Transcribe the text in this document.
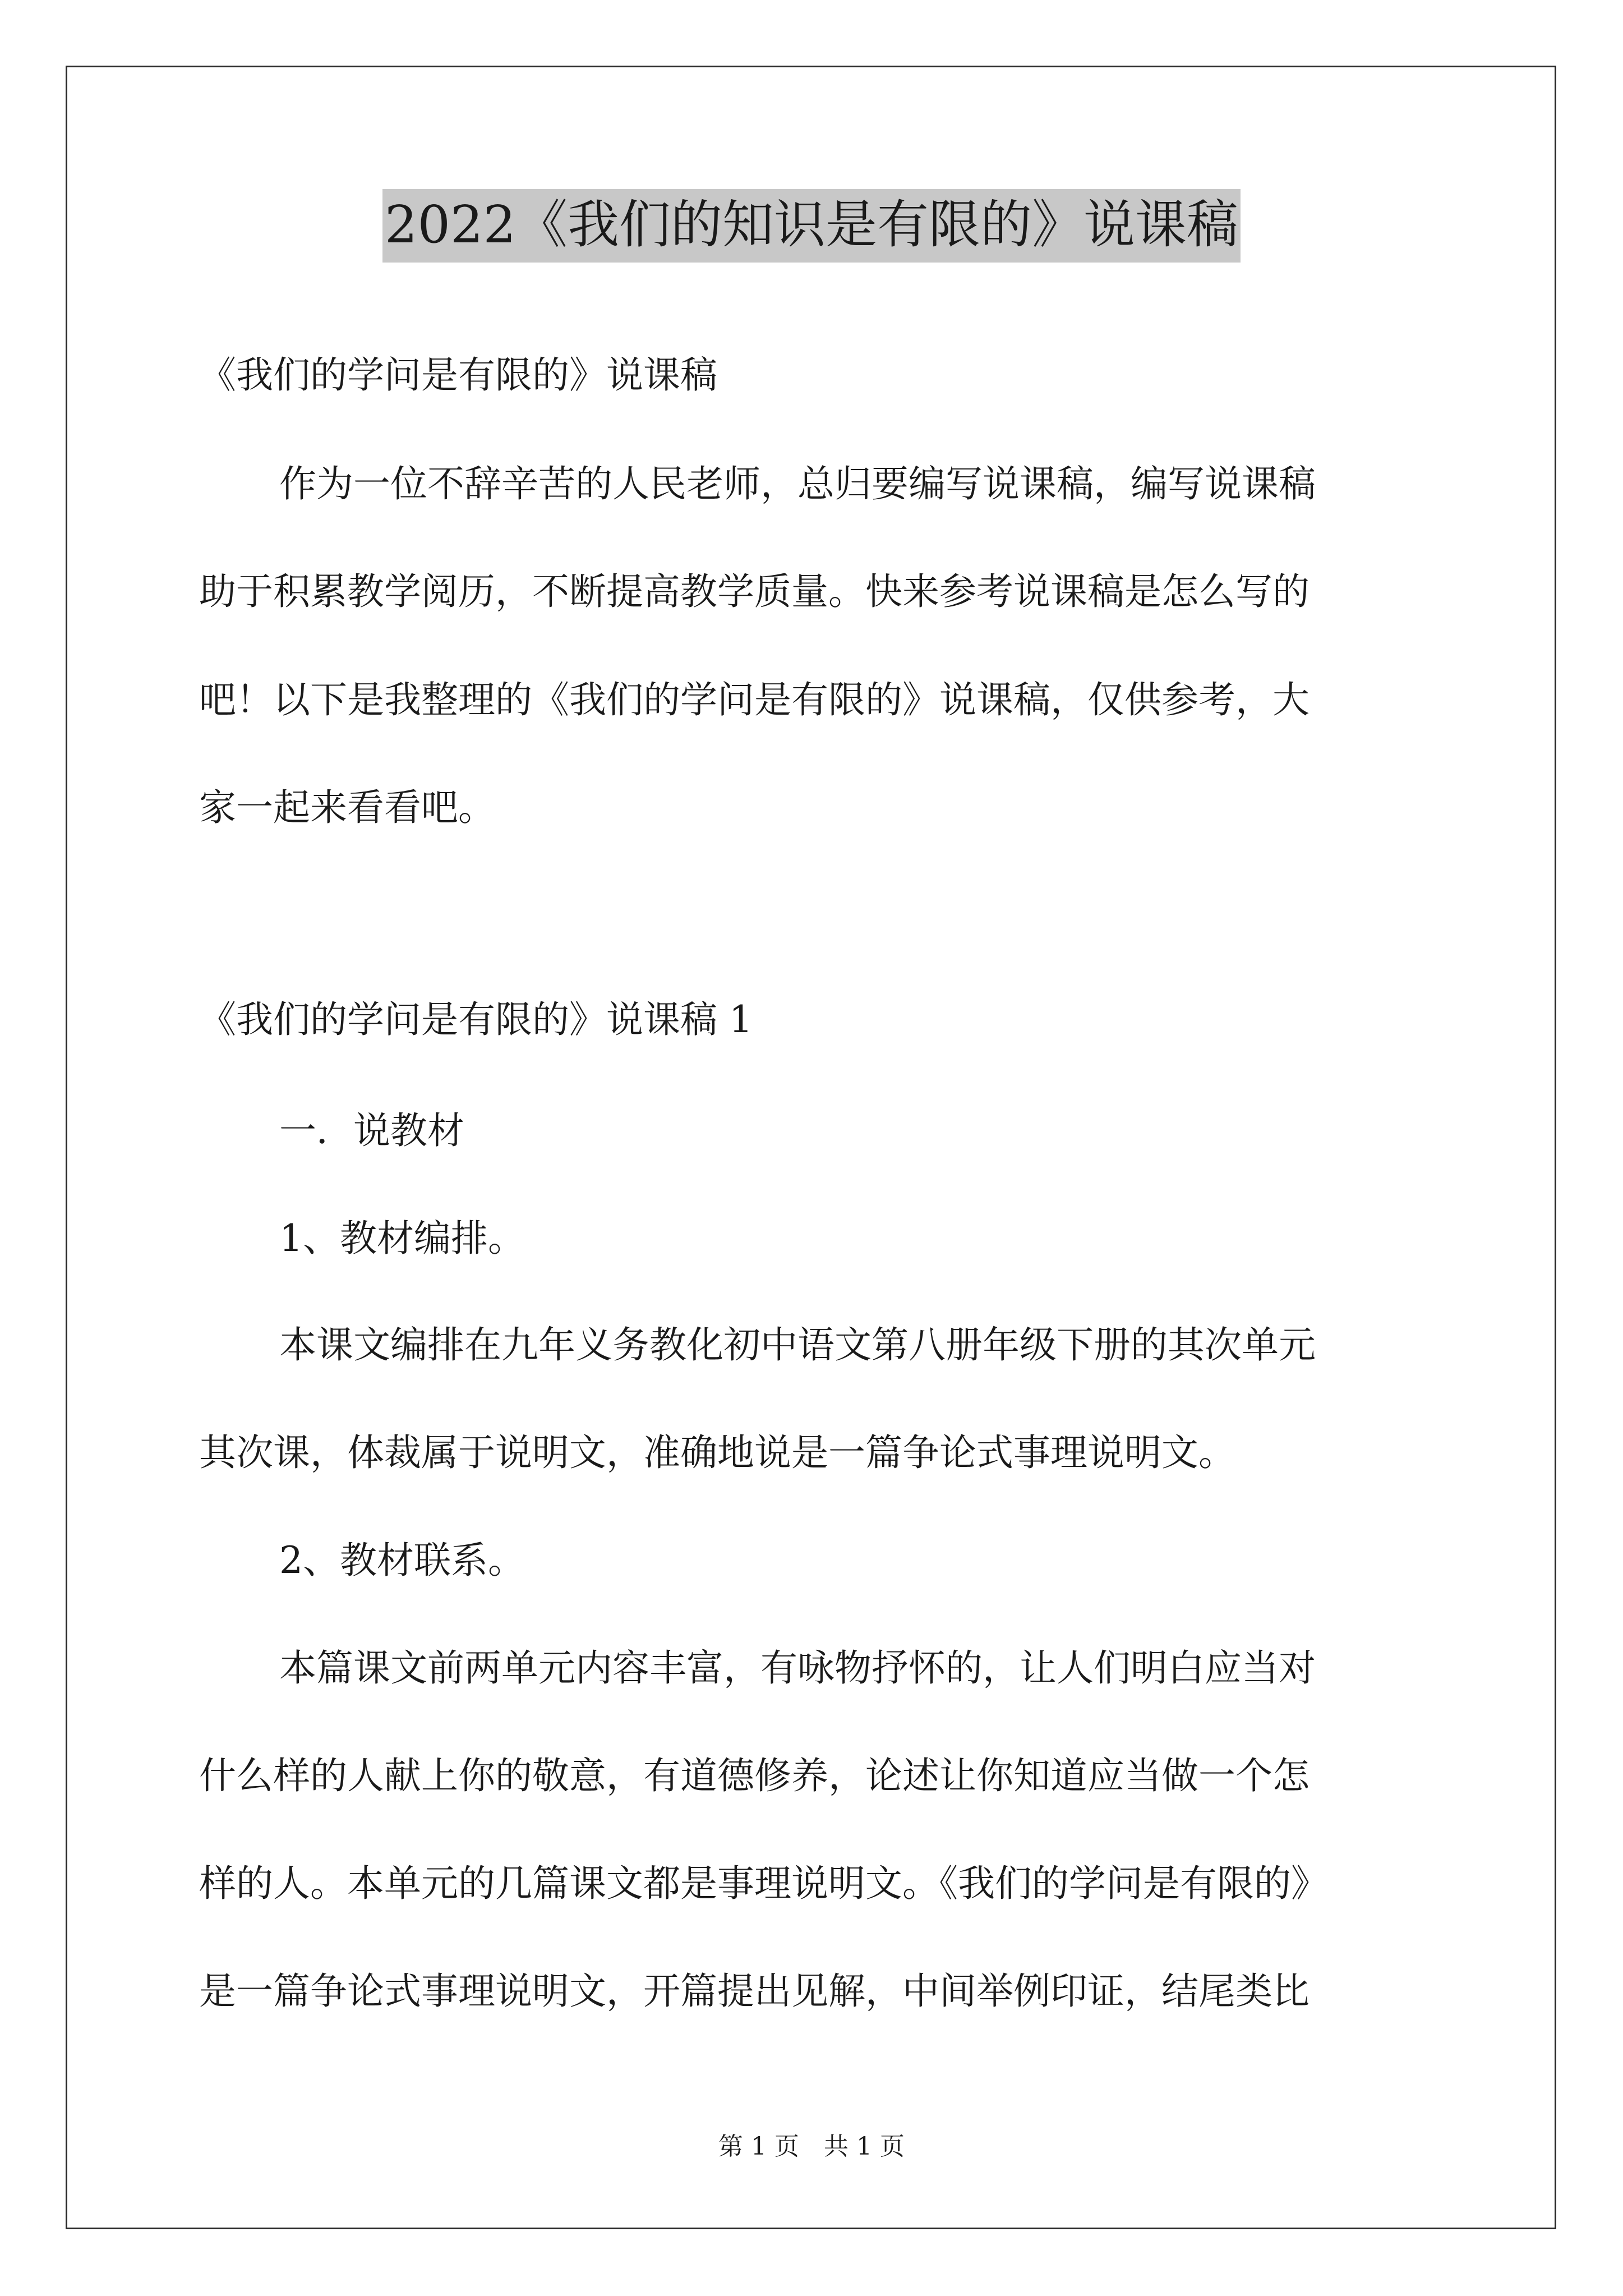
2022《我们的知识是有限的》说课稿

《我们的学问是有限的》说课稿

作为一位不辞辛苦的人民老师，总归要编写说课稿，编写说课稿

助于积累教学阅历，不断提高教学质量。快来参考说课稿是怎么写的

吧！以下是我整理的《我们的学问是有限的》说课稿，仅供参考，大

家一起来看看吧。

《我们的学问是有限的》说课稿 1

一．说教材

1、教材编排。

本课文编排在九年义务教化初中语文第八册年级下册的其次单元

其次课，体裁属于说明文，准确地说是一篇争论式事理说明文。

2、教材联系。

本篇课文前两单元内容丰富，有咏物抒怀的，让人们明白应当对

什么样的人献上你的敬意，有道德修养，论述让你知道应当做一个怎

样的人。本单元的几篇课文都是事理说明文。《我们的学问是有限的》

是一篇争论式事理说明文，开篇提出见解，中间举例印证，结尾类比

第 1 页　共 1 页
